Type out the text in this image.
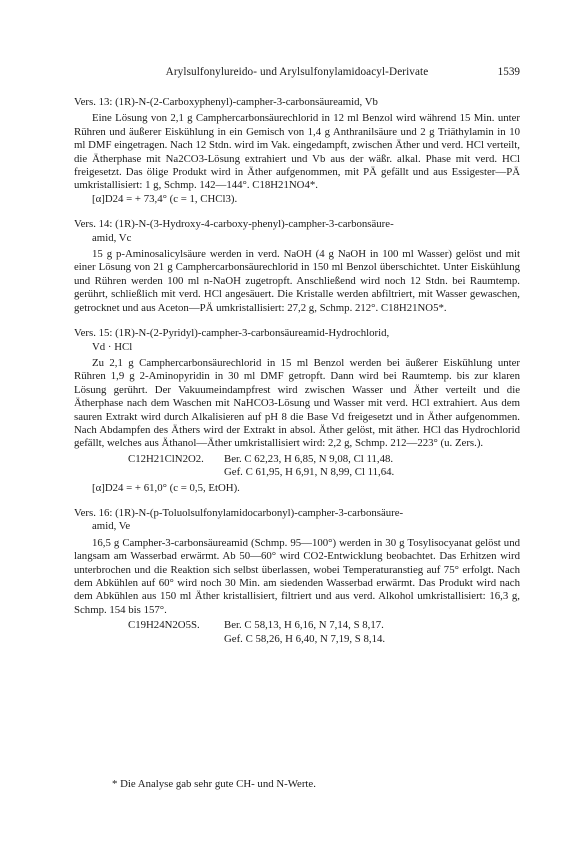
Arylsulfonylureido- und Arylsulfonylamidoacyl-Derivate	1539
Vers. 13: (1R)-N-(2-Carboxyphenyl)-campher-3-carbonsäureamid, Vb

Eine Lösung von 2,1 g Camphercarbonsäurechlorid in 12 ml Benzol wird während 15 Min. unter Rühren und äußerer Eiskühlung in ein Gemisch von 1,4 g Anthranilsäure und 2 g Triäthylamin in 10 ml DMF eingetragen. Nach 12 Stdn. wird im Vak. eingedampft, zwischen Äther und verd. HCl verteilt, die Ätherphase mit Na2CO3-Lösung extrahiert und Vb aus der wäßr. alkal. Phase mit verd. HCl freigesetzt. Das ölige Produkt wird in Äther aufgenommen, mit PÄ gefällt und aus Essigester—PÄ umkristallisiert: 1 g, Schmp. 142—144°. C18H21NO4*.

[α]D24 = + 73,4° (c = 1, CHCl3).
Vers. 14: (1R)-N-(3-Hydroxy-4-carboxy-phenyl)-campher-3-carbonsäure-
amid, Vc

15 g p-Aminosalicylsäure werden in verd. NaOH (4 g NaOH in 100 ml Wasser) gelöst und mit einer Lösung von 21 g Camphercarbonsäurechlorid in 150 ml Benzol überschichtet. Unter Eiskühlung und Rühren werden 100 ml n-NaOH zugetropft. Anschließend wird noch 12 Stdn. bei Raumtemp. gerührt, schließlich mit verd. HCl angesäuert. Die Kristalle werden abfiltriert, mit Wasser gewaschen, getrocknet und aus Aceton—PÄ umkristallisiert: 27,2 g, Schmp. 212°. C18H21NO5*.

Vers. 15: (1R)-N-(2-Pyridyl)-campher-3-carbonsäureamid-Hydrochlorid,
Vd · HCl

Zu 2,1 g Camphercarbonsäurechlorid in 15 ml Benzol werden bei äußerer Eiskühlung unter Rühren 1,9 g 2-Aminopyridin in 30 ml DMF getropft. Dann wird bei Raumtemp. bis zur klaren Lösung gerührt. Der Vakuumeindampfrest wird zwischen Wasser und Äther verteilt und die Ätherphase nach dem Waschen mit NaHCO3-Lösung und Wasser mit verd. HCl extrahiert. Aus dem sauren Extrakt wird durch Alkalisieren auf pH 8 die Base Vd freigesetzt und in Äther aufgenommen. Nach Abdampfen des Äthers wird der Extrakt in absol. Äther gelöst, mit äther. HCl das Hydrochlorid gefällt, welches aus Äthanol—Äther umkristallisiert wird: 2,2 g, Schmp. 212—223° (u. Zers.).

C12H21ClN2O2.	Ber. C 62,23, H 6,85, N 9,08, Cl 11,48.
Gef. C 61,95, H 6,91, N 8,99, Cl 11,64.
[α]D24 = + 61,0° (c = 0,5, EtOH).
Vers. 16: (1R)-N-(p-Toluolsulfonylamidocarbonyl)-campher-3-carbonsäure-
amid, Ve

16,5 g Campher-3-carbonsäureamid (Schmp. 95—100°) werden in 30 g Tosylisocyanat gelöst und langsam am Wasserbad erwärmt. Ab 50—60° wird CO2-Entwicklung beobachtet. Das Erhitzen wird unterbrochen und die Reaktion sich selbst überlassen, wobei Temperaturanstieg auf 75° erfolgt. Nach dem Abkühlen auf 60° wird noch 30 Min. am siedenden Wasserbad erwärmt. Das Produkt wird nach dem Abkühlen aus 150 ml Äther kristallisiert, filtriert und aus verd. Alkohol umkristallisiert: 16,3 g, Schmp. 154 bis 157°.

C19H24N2O5S.	Ber. C 58,13, H 6,16, N 7,14, S 8,17.
Gef. C 58,26, H 6,40, N 7,19, S 8,14.
* Die Analyse gab sehr gute CH- und N-Werte.
